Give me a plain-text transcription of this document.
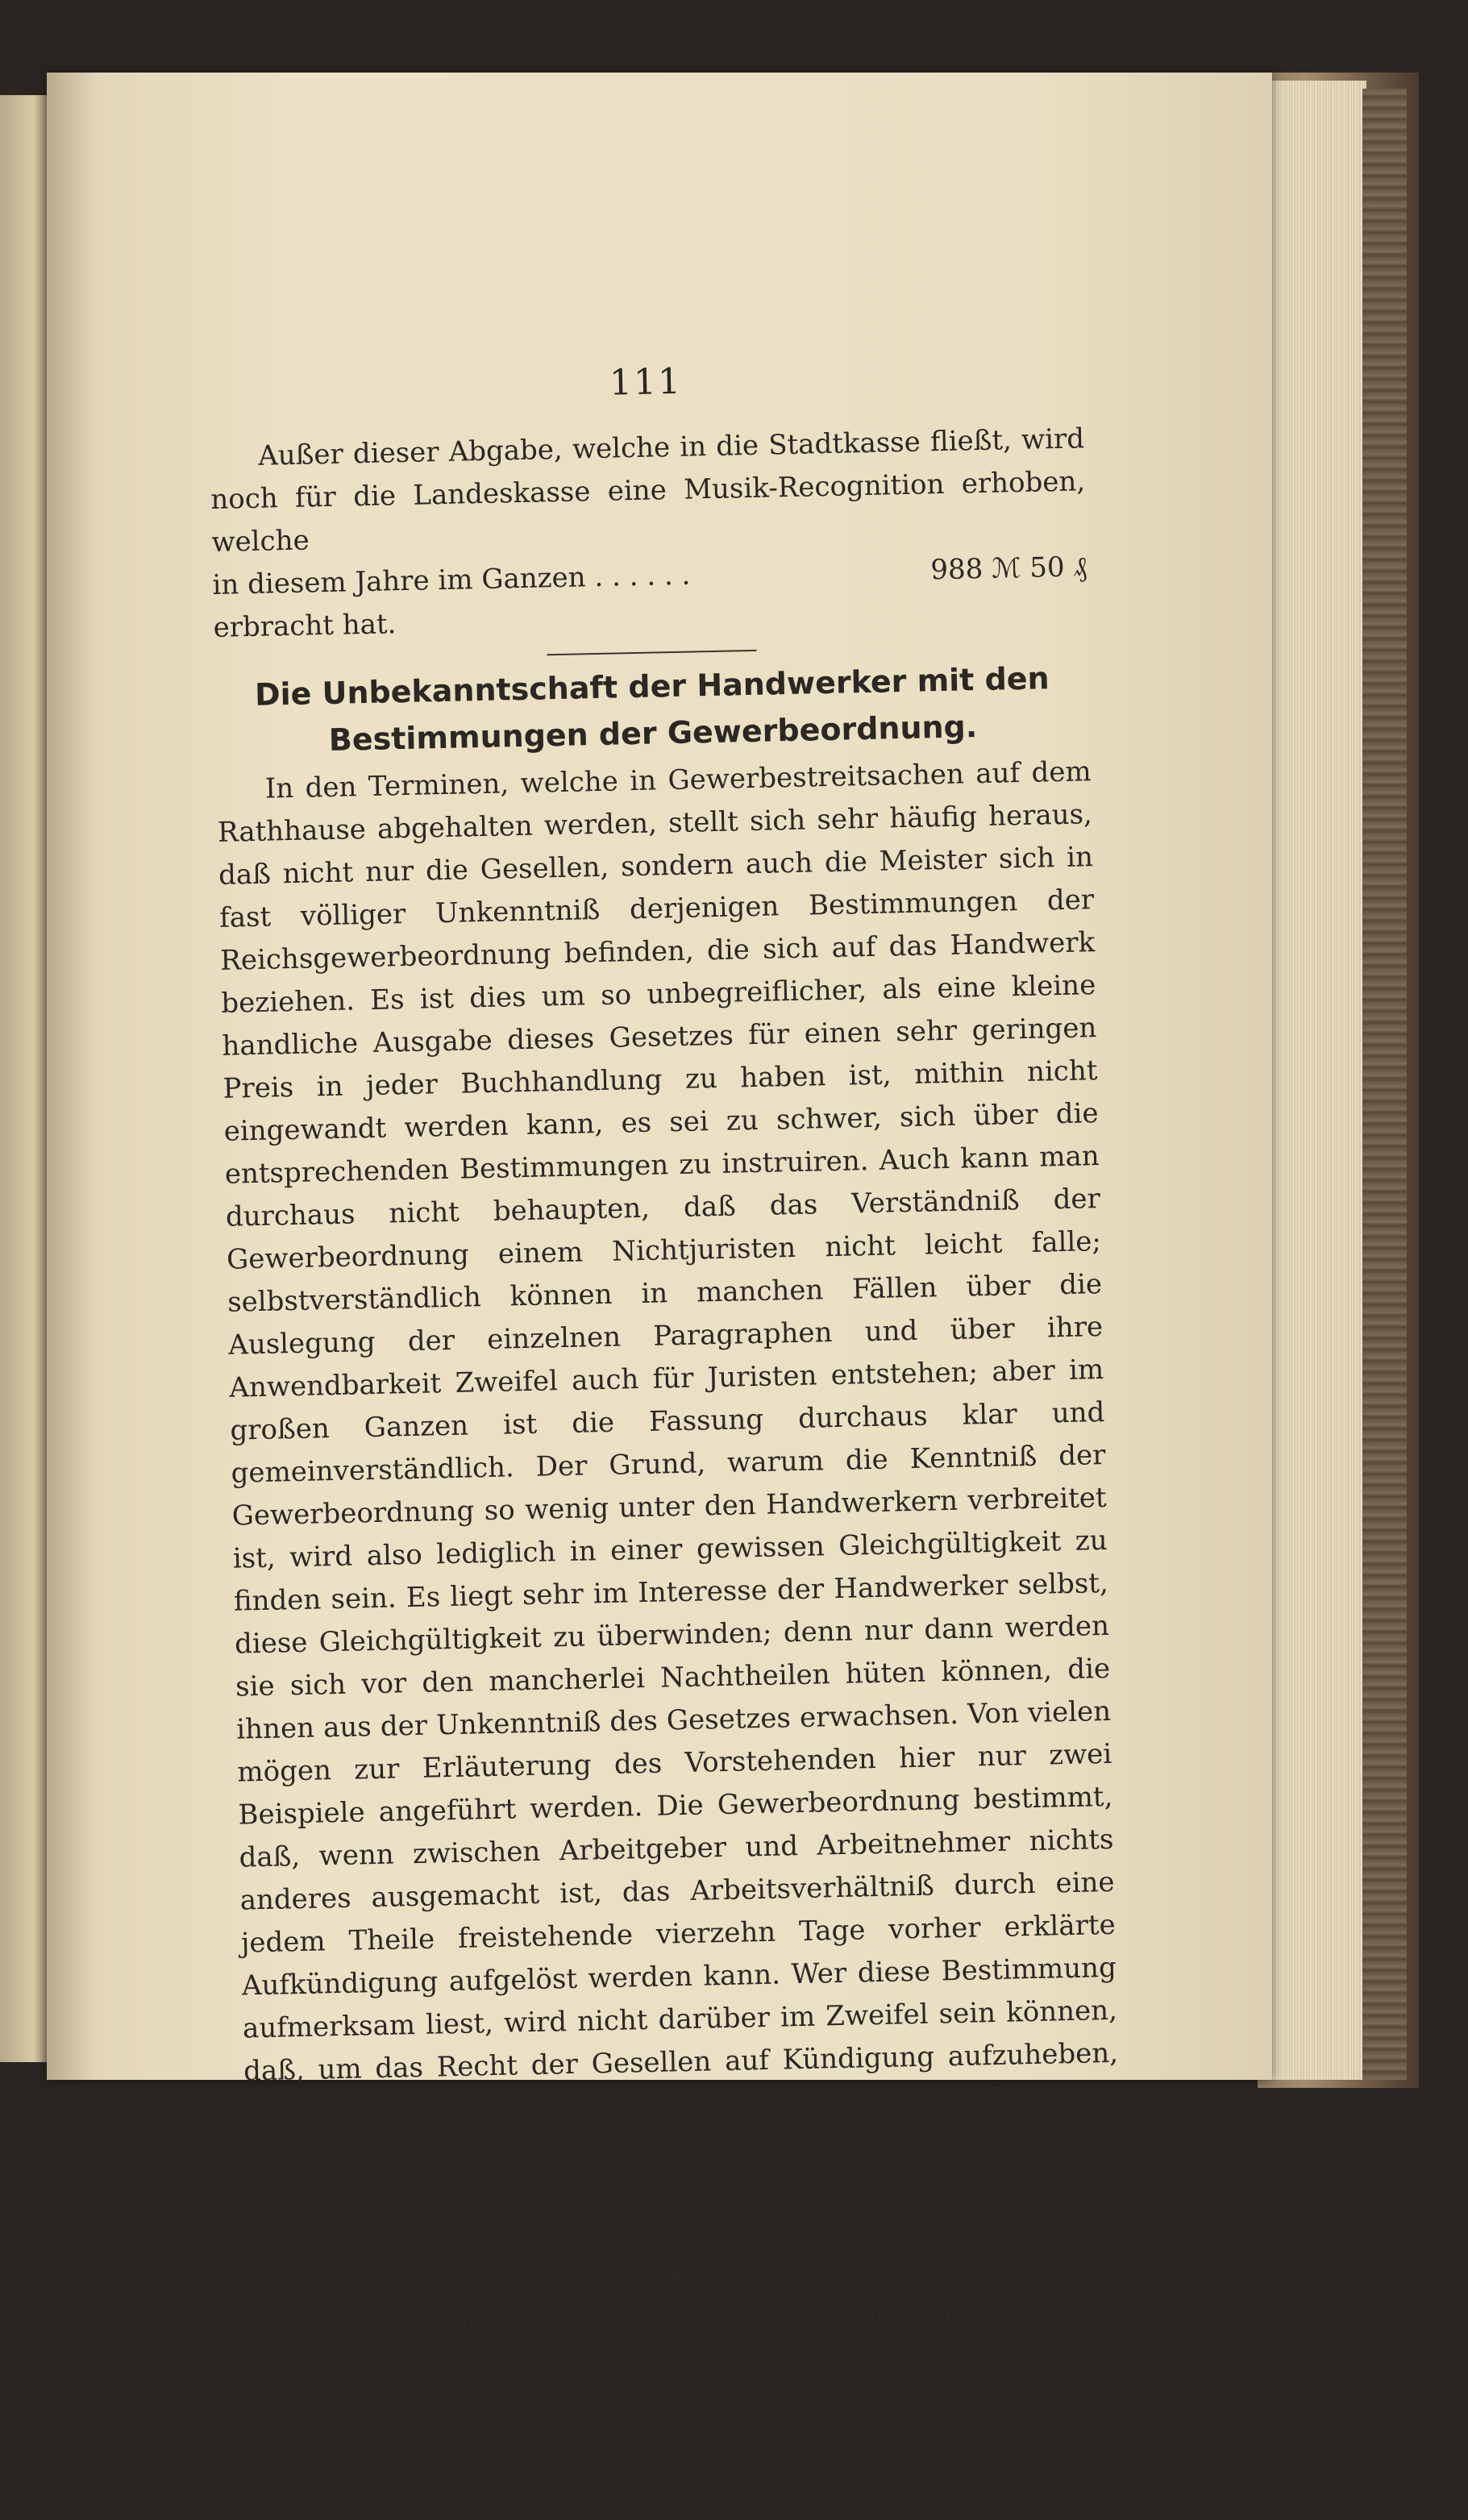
111

Außer dieser Abgabe, welche in die Stadtkasse fließt, wird noch für die Landeskasse eine Musik-Recognition erhoben, welche

in diesem Jahre im Ganzen . . . . . .	988 ℳ 50 ₰

erbracht hat.

Die Unbekanntschaft der Handwerker mit den
Bestimmungen der Gewerbeordnung.

In den Terminen, welche in Gewerbestreitsachen auf dem Rathhause abgehalten werden, stellt sich sehr häufig heraus, daß nicht nur die Gesellen, sondern auch die Meister sich in fast völliger Unkenntniß derjenigen Bestimmungen der Reichsgewerbeordnung befinden, die sich auf das Handwerk beziehen. Es ist dies um so unbegreiflicher, als eine kleine handliche Ausgabe dieses Gesetzes für einen sehr geringen Preis in jeder Buchhandlung zu haben ist, mithin nicht eingewandt werden kann, es sei zu schwer, sich über die entsprechenden Bestimmungen zu instruiren. Auch kann man durchaus nicht behaupten, daß das Verständniß der Gewerbeordnung einem Nichtjuristen nicht leicht falle; selbstverständlich können in manchen Fällen über die Auslegung der einzelnen Paragraphen und über ihre Anwendbarkeit Zweifel auch für Juristen entstehen; aber im großen Ganzen ist die Fassung durchaus klar und gemeinverständlich. Der Grund, warum die Kenntniß der Gewerbeordnung so wenig unter den Handwerkern verbreitet ist, wird also lediglich in einer gewissen Gleichgültigkeit zu finden sein. Es liegt sehr im Interesse der Handwerker selbst, diese Gleichgültigkeit zu überwinden; denn nur dann werden sie sich vor den mancherlei Nachtheilen hüten können, die ihnen aus der Unkenntniß des Gesetzes erwachsen. Von vielen mögen zur Erläuterung des Vorstehenden hier nur zwei Beispiele angeführt werden. Die Gewerbeordnung bestimmt, daß, wenn zwischen Arbeitgeber und Arbeitnehmer nichts anderes ausgemacht ist, das Arbeitsverhältniß durch eine jedem Theile freistehende vierzehn Tage vorher erklärte Aufkündigung aufgelöst werden kann. Wer diese Bestimmung aufmerksam liest, wird nicht darüber im Zweifel sein können, daß, um das Recht der Gesellen auf Kündigung aufzuheben, eine bezügliche ausdrückliche Verabredung zwischen den Partheien bei Abschluß des Arbeitsvertrages getroffen sein muß. Und doch nehmen viele Meister an, daß für jeden Gesellen, der bei ihnen in Arbeit tritt, ohne specielle Verabredung das Recht auf Kündigung nicht existirt, wenn vorher von ihnen mit andern Gesellen eine dahin gehende Vereinbarung getroffen ist. Diese Ansicht wird dann wohl mit den Worten ausgedrückt:

„Ich habe in meinem Geschäfte keine Kündigung.“
(Schluß folgt.)
